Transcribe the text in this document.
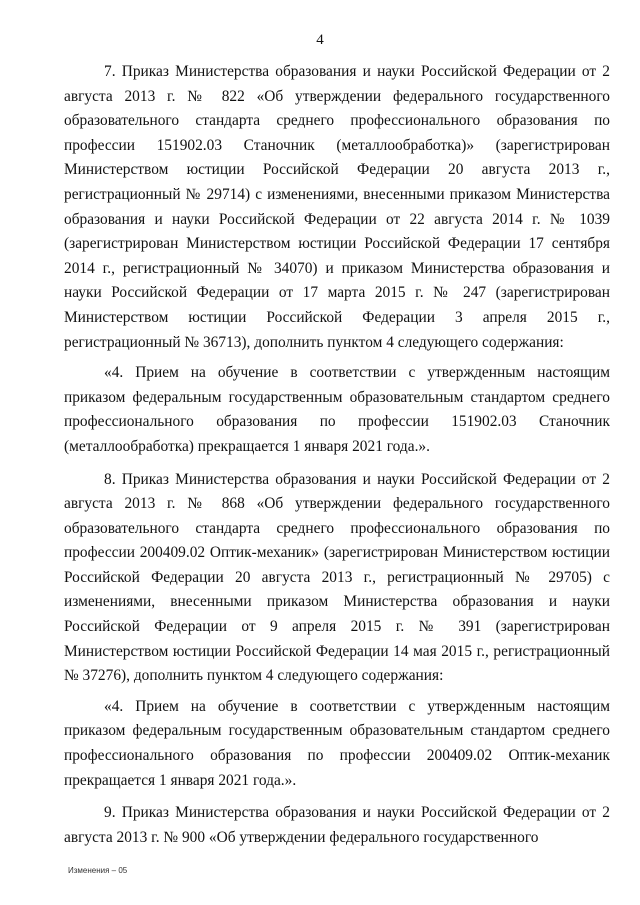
4

7. Приказ Министерства образования и науки Российской Федерации от 2 августа 2013 г. № 822 «Об утверждении федерального государственного образовательного стандарта среднего профессионального образования по профессии 151902.03 Станочник (металлообработка)» (зарегистрирован Министерством юстиции Российской Федерации 20 августа 2013 г., регистрационный № 29714) с изменениями, внесенными приказом Министерства образования и науки Российской Федерации от 22 августа 2014 г. № 1039 (зарегистрирован Министерством юстиции Российской Федерации 17 сентября 2014 г., регистрационный № 34070) и приказом Министерства образования и науки Российской Федерации от 17 марта 2015 г. № 247 (зарегистрирован Министерством юстиции Российской Федерации 3 апреля 2015 г., регистрационный № 36713), дополнить пунктом 4 следующего содержания:

«4. Прием на обучение в соответствии с утвержденным настоящим приказом федеральным государственным образовательным стандартом среднего профессионального образования по профессии 151902.03 Станочник (металлообработка) прекращается 1 января 2021 года.».

8. Приказ Министерства образования и науки Российской Федерации от 2 августа 2013 г. № 868 «Об утверждении федерального государственного образовательного стандарта среднего профессионального образования по профессии 200409.02 Оптик-механик» (зарегистрирован Министерством юстиции Российской Федерации 20 августа 2013 г., регистрационный № 29705) с изменениями, внесенными приказом Министерства образования и науки Российской Федерации от 9 апреля 2015 г. № 391 (зарегистрирован Министерством юстиции Российской Федерации 14 мая 2015 г., регистрационный № 37276), дополнить пунктом 4 следующего содержания:

«4. Прием на обучение в соответствии с утвержденным настоящим приказом федеральным государственным образовательным стандартом среднего профессионального образования по профессии 200409.02 Оптик-механик прекращается 1 января 2021 года.».

9. Приказ Министерства образования и науки Российской Федерации от 2 августа 2013 г. № 900 «Об утверждении федерального государственного

Изменения – 05
